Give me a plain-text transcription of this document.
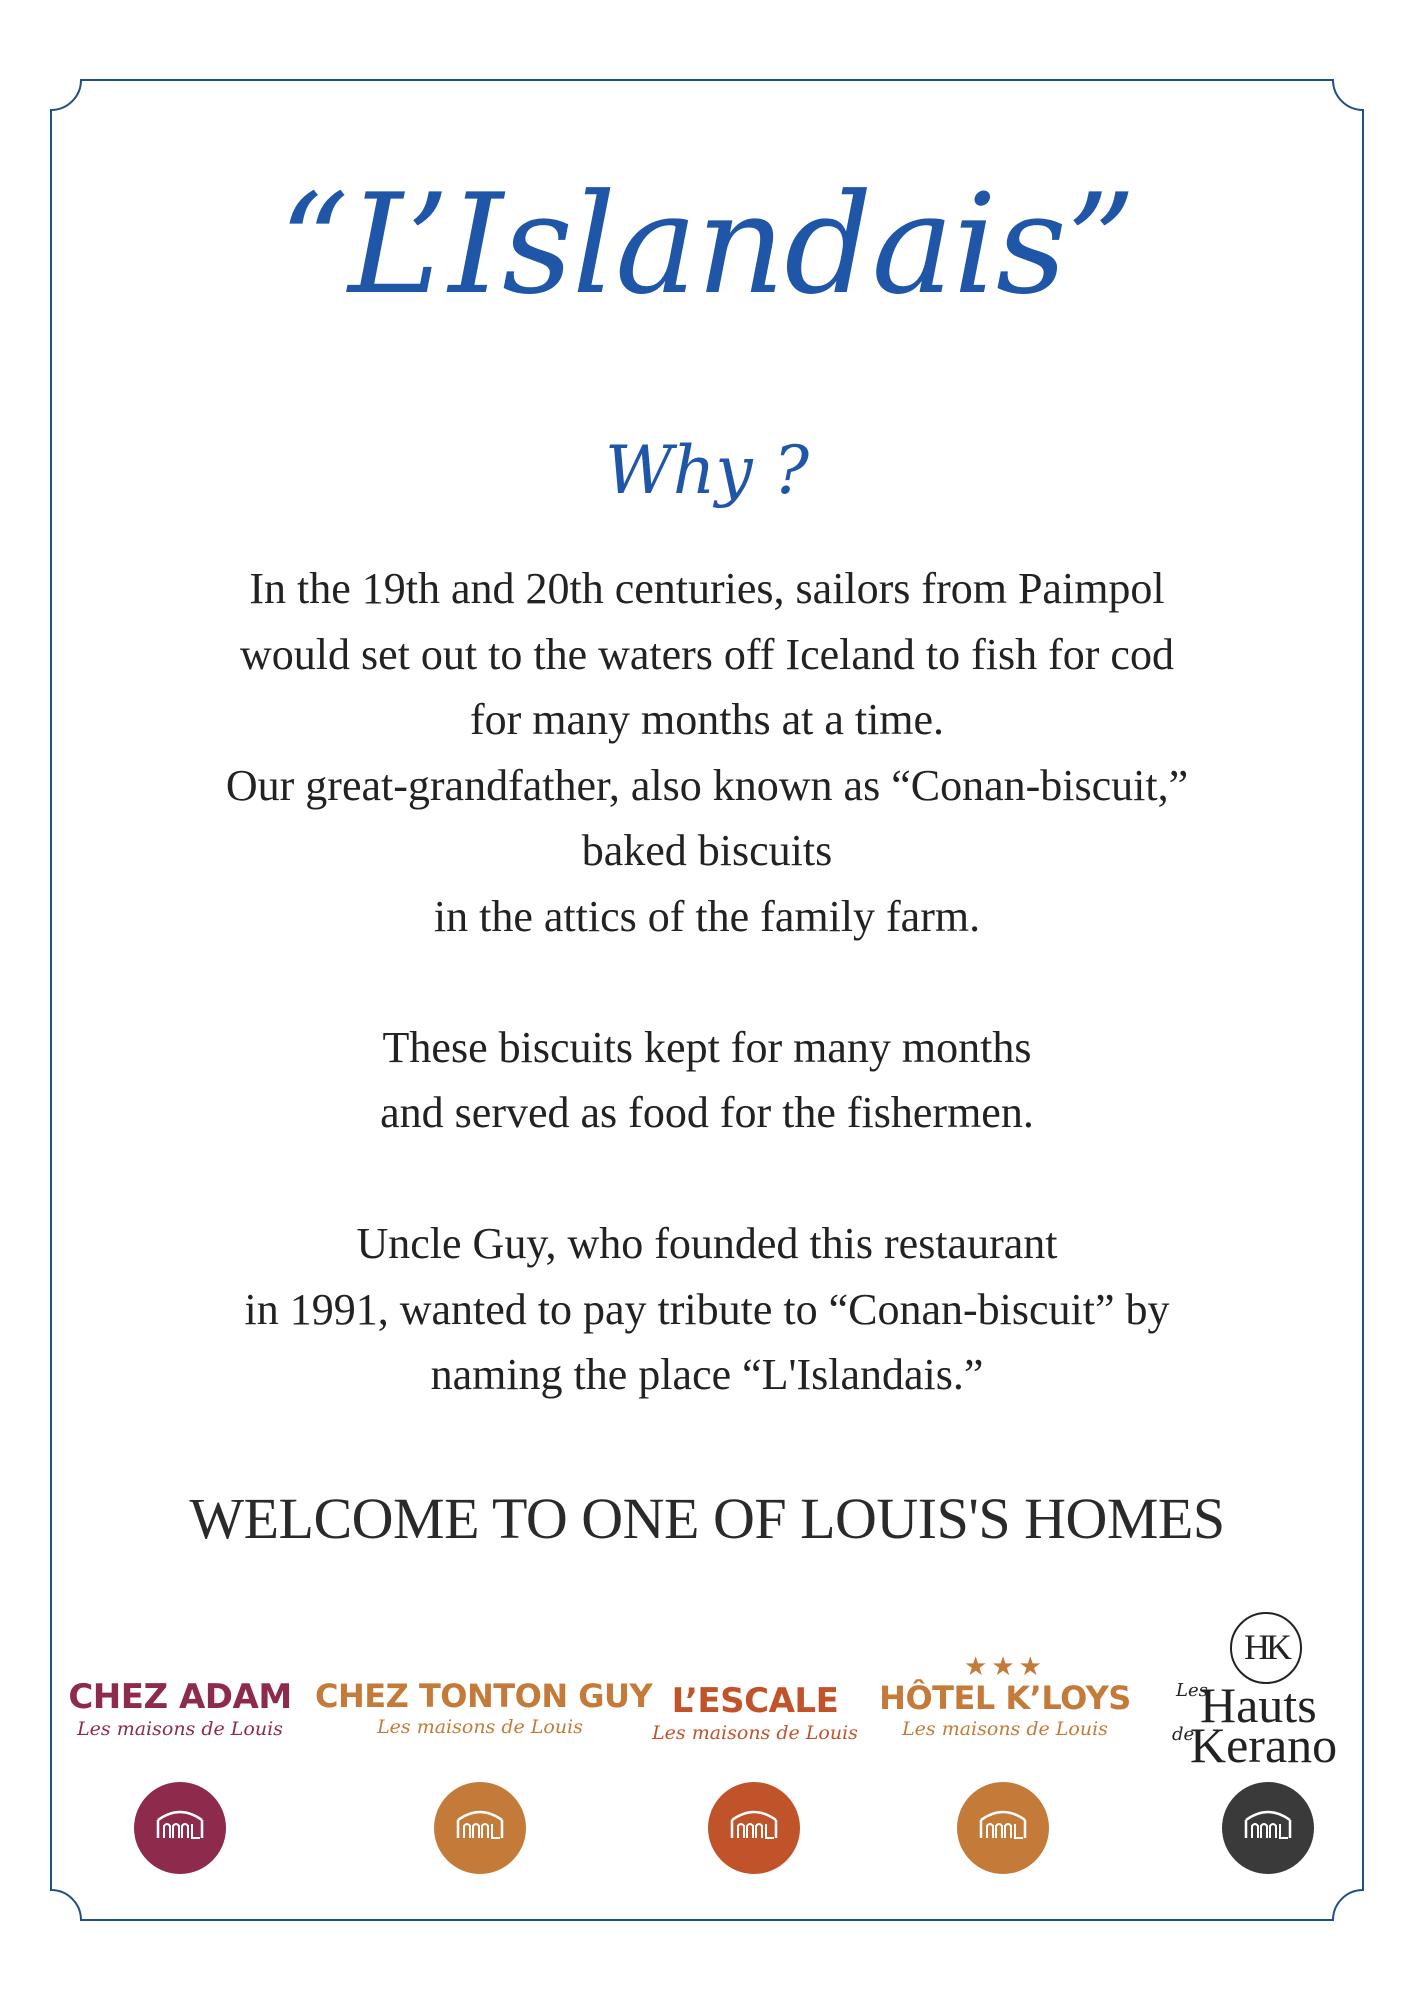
“L’Islandais”
Why ?
In the 19th and 20th centuries, sailors from Paimpol
would set out to the waters off Iceland to fish for cod
for many months at a time.
Our great-grandfather, also known as “Conan-biscuit,”
baked biscuits
in the attics of the family farm.
These biscuits kept for many months
and served as food for the fishermen.
Uncle Guy, who founded this restaurant
in 1991, wanted to pay tribute to “Conan-biscuit” by
naming the place “L'Islandais.”
WELCOME TO ONE OF LOUIS'S HOMES
CHEZ ADAM
Les maisons de Louis
CHEZ TONTON GUY
Les maisons de Louis
L’ESCALE
Les maisons de Louis
★★★
HÔTEL K’LOYS
Les maisons de Louis
HK
Les
Hauts
de
Kerano
